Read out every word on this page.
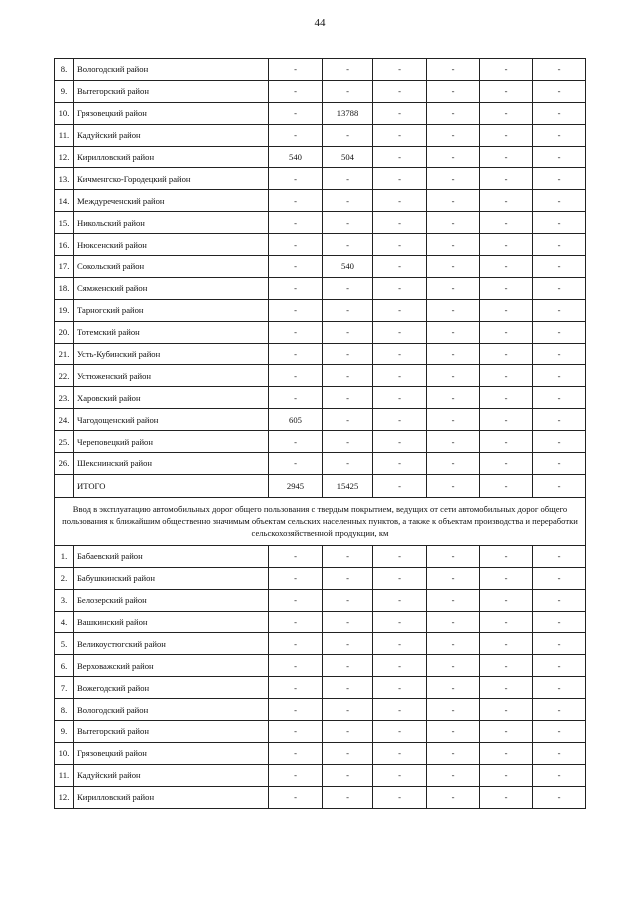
44
8.	Вологодский район	-	-	-	-	-	-
9.	Вытегорский район	-	-	-	-	-	-
10.	Грязовецкий район	-	13788	-	-	-	-
11.	Кадуйский район	-	-	-	-	-	-
12.	Кирилловский район	540	504	-	-	-	-
13.	Кичменгско-Городецкий район	-	-	-	-	-	-
14.	Междуреченский район	-	-	-	-	-	-
15.	Никольский район	-	-	-	-	-	-
16.	Нюксенский район	-	-	-	-	-	-
17.	Сокольский район	-	540	-	-	-	-
18.	Сямженский район	-	-	-	-	-	-
19.	Тарногский район	-	-	-	-	-	-
20.	Тотемский район	-	-	-	-	-	-
21.	Усть-Кубинский район	-	-	-	-	-	-
22.	Устюженский район	-	-	-	-	-	-
23.	Харовский район	-	-	-	-	-	-
24.	Чагодощенский район	605	-	-	-	-	-
25.	Череповецкий район	-	-	-	-	-	-
26.	Шекснинский район	-	-	-	-	-	-
	ИТОГО	2945	15425	-	-	-	-
Ввод в эксплуатацию автомобильных дорог общего пользования с твердым покрытием, ведущих от сети автомобильных дорог общего пользования к ближайшим общественно значимым объектам сельских населенных пунктов, а также к объектам производства и переработки сельскохозяйственной продукции, км							
1.	Бабаевский район	-	-	-	-	-	-
2.	Бабушкинский район	-	-	-	-	-	-
3.	Белозерский район	-	-	-	-	-	-
4.	Вашкинский район	-	-	-	-	-	-
5.	Великоустюгский район	-	-	-	-	-	-
6.	Верховажский район	-	-	-	-	-	-
7.	Вожегодский район	-	-	-	-	-	-
8.	Вологодский район	-	-	-	-	-	-
9.	Вытегорский район	-	-	-	-	-	-
10.	Грязовецкий район	-	-	-	-	-	-
11.	Кадуйский район	-	-	-	-	-	-
12.	Кирилловский район	-	-	-	-	-	-
